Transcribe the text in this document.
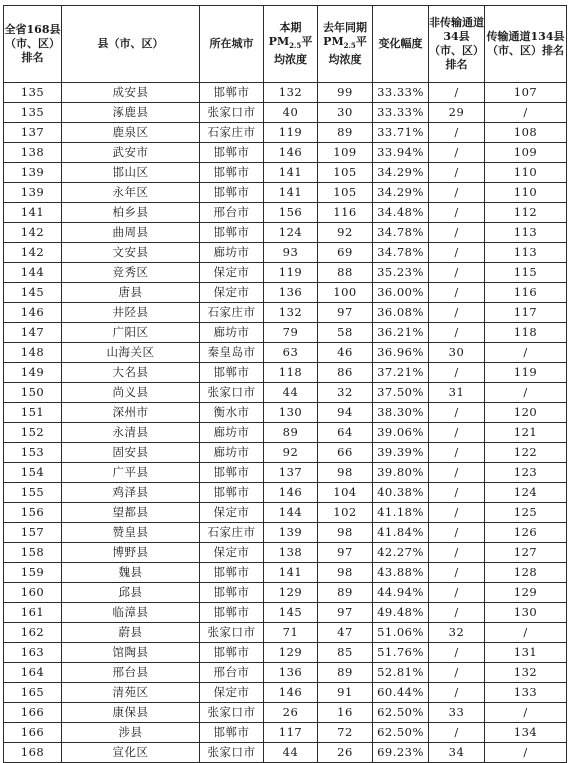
全省168县（市、区）排名	县（市、区）	所在城市	本期$PM_{2.5}$平均浓度	去年同期$PM_{2.5}$平均浓度	变化幅度	非传输通道34县（市、区）排名	传输通道134县（市、区）排名
135	成安县	邯郸市	132	99	33.33%	/	107
135	涿鹿县	张家口市	40	30	33.33%	29	/
137	鹿泉区	石家庄市	119	89	33.71%	/	108
138	武安市	邯郸市	146	109	33.94%	/	109
139	邯山区	邯郸市	141	105	34.29%	/	110
139	永年区	邯郸市	141	105	34.29%	/	110
141	柏乡县	邢台市	156	116	34.48%	/	112
142	曲周县	邯郸市	124	92	34.78%	/	113
142	文安县	廊坊市	93	69	34.78%	/	113
144	竞秀区	保定市	119	88	35.23%	/	115
145	唐县	保定市	136	100	36.00%	/	116
146	井陉县	石家庄市	132	97	36.08%	/	117
147	广阳区	廊坊市	79	58	36.21%	/	118
148	山海关区	秦皇岛市	63	46	36.96%	30	/
149	大名县	邯郸市	118	86	37.21%	/	119
150	尚义县	张家口市	44	32	37.50%	31	/
151	深州市	衡水市	130	94	38.30%	/	120
152	永清县	廊坊市	89	64	39.06%	/	121
153	固安县	廊坊市	92	66	39.39%	/	122
154	广平县	邯郸市	137	98	39.80%	/	123
155	鸡泽县	邯郸市	146	104	40.38%	/	124
156	望都县	保定市	144	102	41.18%	/	125
157	赞皇县	石家庄市	139	98	41.84%	/	126
158	博野县	保定市	138	97	42.27%	/	127
159	魏县	邯郸市	141	98	43.88%	/	128
160	邱县	邯郸市	129	89	44.94%	/	129
161	临漳县	邯郸市	145	97	49.48%	/	130
162	蔚县	张家口市	71	47	51.06%	32	/
163	馆陶县	邯郸市	129	85	51.76%	/	131
164	邢台县	邢台市	136	89	52.81%	/	132
165	清苑区	保定市	146	91	60.44%	/	133
166	康保县	张家口市	26	16	62.50%	33	/
166	涉县	邯郸市	117	72	62.50%	/	134
168	宣化区	张家口市	44	26	69.23%	34	/
